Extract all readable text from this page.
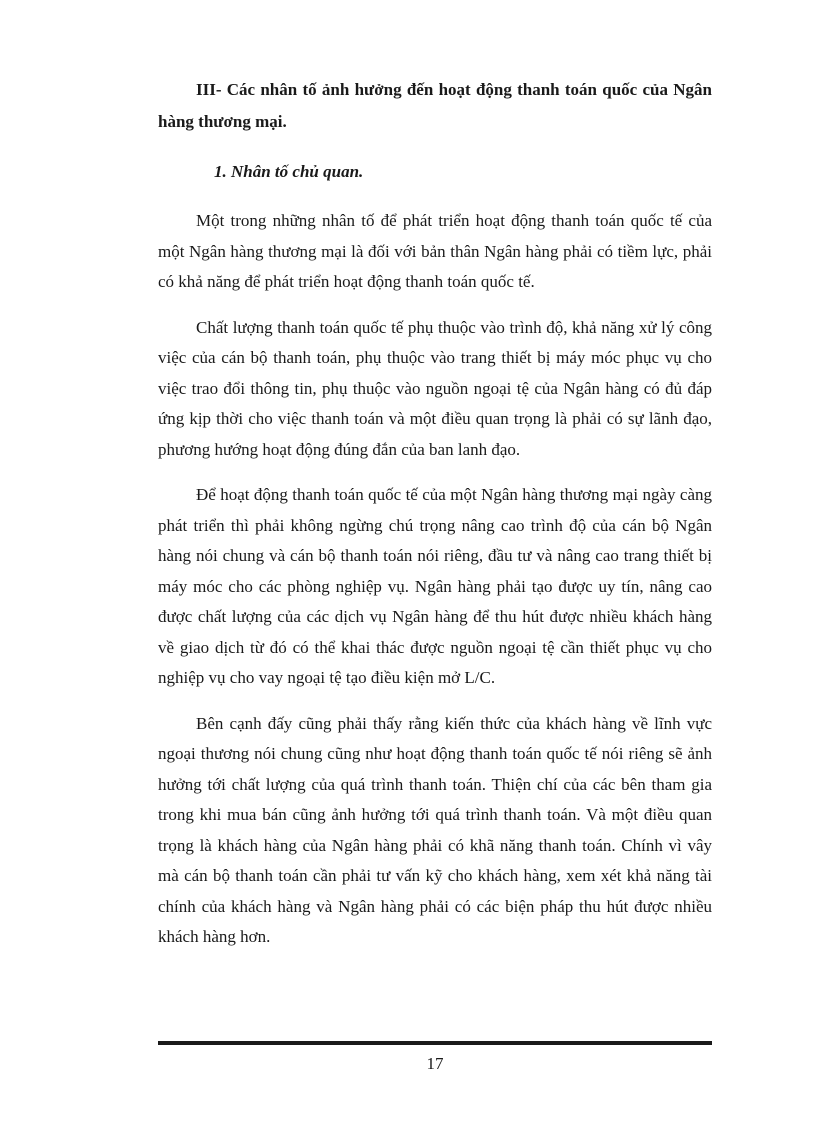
III- Các nhân tố ảnh hưởng đến hoạt động thanh toán quốc của Ngân hàng thương mại.

1. Nhân tố chủ quan.

Một trong những nhân tố để phát triển hoạt động thanh toán quốc tế của một Ngân hàng thương mại là đối với bản thân Ngân hàng phải có tiềm lực, phải có khả năng để phát triển hoạt động thanh toán quốc tế.

Chất lượng thanh toán quốc tế phụ thuộc vào trình độ, khả năng xử lý công việc của cán bộ thanh toán, phụ thuộc vào trang thiết bị máy móc phục vụ cho việc trao đổi thông tin, phụ thuộc vào nguồn ngoại tệ của Ngân hàng có đủ đáp ứng kịp thời cho việc thanh toán và một điều quan trọng là phải có sự lãnh đạo, phương hướng hoạt động đúng đắn của ban lanh đạo.

Để hoạt động thanh toán quốc tế của một Ngân hàng thương mại ngày càng phát triển thì phải không ngừng chú trọng nâng cao trình độ của cán bộ Ngân hàng nói chung và cán bộ thanh toán nói riêng, đầu tư và nâng cao trang thiết bị máy móc cho các phòng nghiệp vụ. Ngân hàng phải tạo được uy tín, nâng cao được chất lượng của các dịch vụ Ngân hàng để thu hút được nhiều khách hàng về giao dịch từ đó có thể khai thác được nguồn ngoại tệ cần thiết phục vụ cho nghiệp vụ cho vay ngoại tệ tạo điều kiện mở L/C.

Bên cạnh đấy cũng phải thấy rằng kiến thức của khách hàng về lĩnh vực ngoại thương nói chung cũng như hoạt động thanh toán quốc tế nói riêng sẽ ảnh hưởng tới chất lượng của quá trình thanh toán. Thiện chí của các bên tham gia trong khi mua bán cũng ảnh hưởng tới quá trình thanh toán. Và một điều quan trọng là khách hàng của Ngân hàng phải có khã năng thanh toán. Chính vì vây mà cán bộ thanh toán cần phải tư vấn kỹ cho khách hàng, xem xét khả năng tài chính của khách hàng và Ngân hàng phải có các biện pháp thu hút được nhiều khách hàng hơn.

17
